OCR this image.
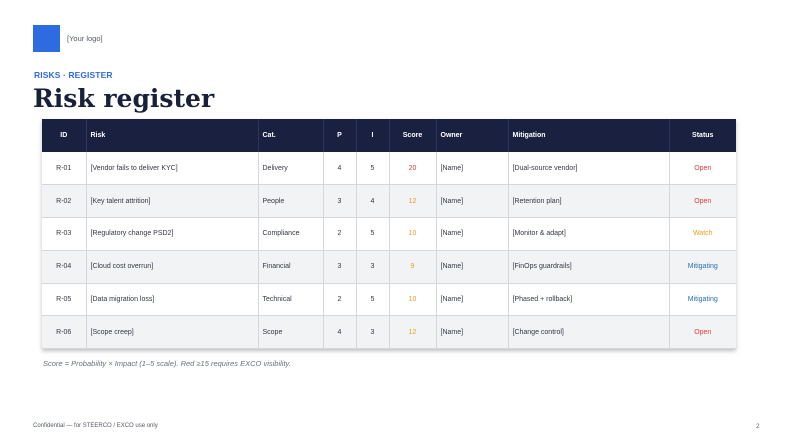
[Your logo]
RISKS · REGISTER
Risk register
ID	Risk	Cat.	P	I	Score	Owner	Mitigation	Status
R-01	[Vendor fails to deliver KYC]	Delivery	4	5	20	[Name]	[Dual-source vendor]	Open
R-02	[Key talent attrition]	People	3	4	12	[Name]	[Retention plan]	Open
R-03	[Regulatory change PSD2]	Compliance	2	5	10	[Name]	[Monitor & adapt]	Watch
R-04	[Cloud cost overrun]	Financial	3	3	9	[Name]	[FinOps guardrails]	Mitigating
R-05	[Data migration loss]	Technical	2	5	10	[Name]	[Phased + rollback]	Mitigating
R-06	[Scope creep]	Scope	4	3	12	[Name]	[Change control]	Open
Score = Probability × Impact (1–5 scale). Red ≥15 requires EXCO visibility.
Confidential — for STEERCO / EXCO use only	2
